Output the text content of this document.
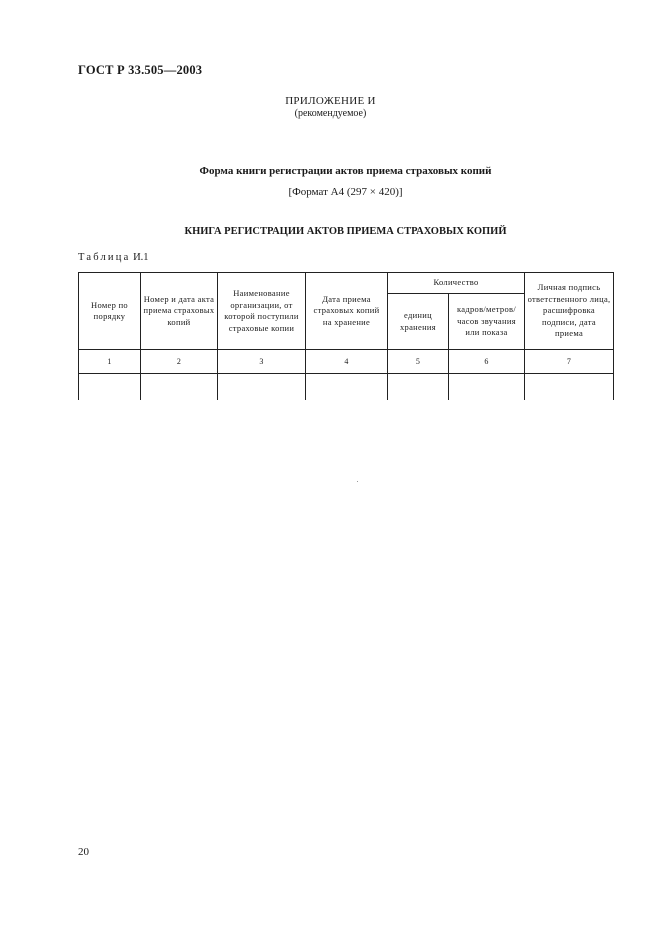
ГОСТ Р 33.505—2003
ПРИЛОЖЕНИЕ И
(рекомендуемое)
Форма книги регистрации актов приема страховых копий
[Формат А4 (297 × 420)]
КНИГА РЕГИСТРАЦИИ АКТОВ ПРИЕМА СТРАХОВЫХ КОПИЙ
Таблица И.1
Номер по порядку	Номер и дата акта приема страховых копий	Наименование организации, от которой поступили страховые копии	Дата приема страховых копий на хранение	Количество		Личная подпись ответственного лица, расшифровка подписи, дата приема
				единиц хранения	кадров/метров/ часов звучания или показа	
1	2	3	4	5	6	7

20
